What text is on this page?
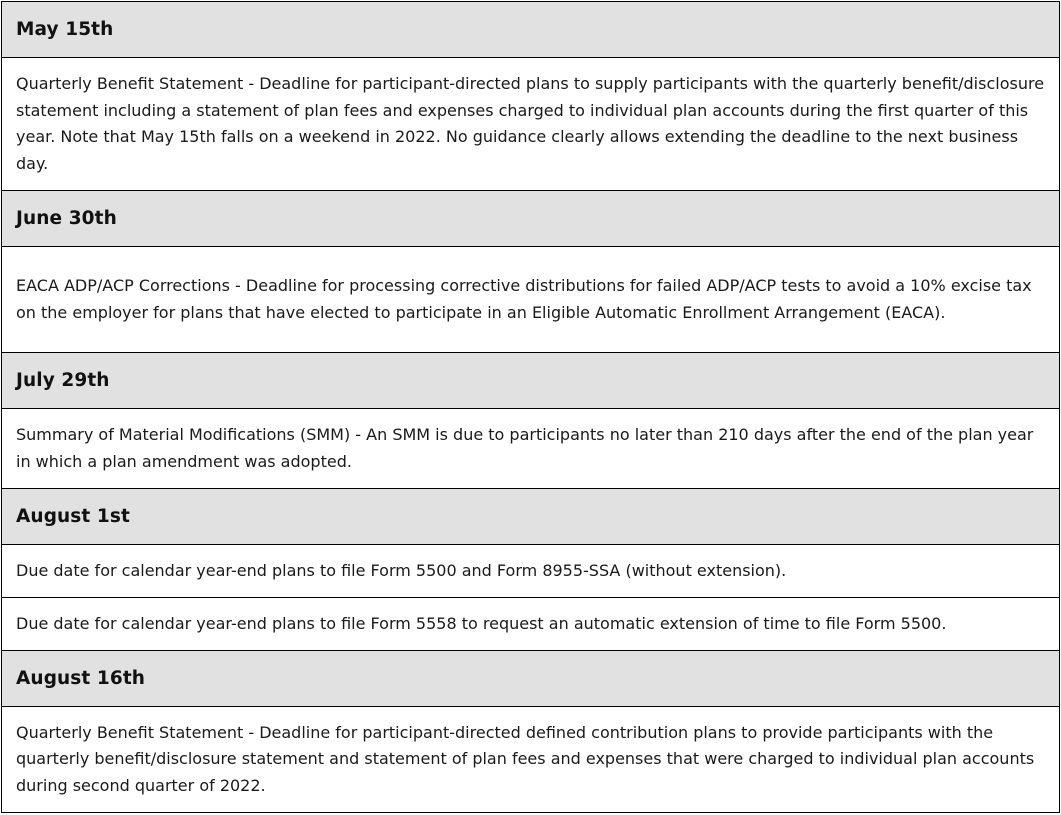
May 15th
Quarterly Benefit Statement - Deadline for participant-directed plans to supply participants with the quarterly benefit/disclosure statement including a statement of plan fees and expenses charged to individual plan accounts during the first quarter of this year. Note that May 15th falls on a weekend in 2022. No guidance clearly allows extending the deadline to the next business day.
June 30th
EACA ADP/ACP Corrections - Deadline for processing corrective distributions for failed ADP/ACP tests to avoid a 10% excise tax on the employer for plans that have elected to participate in an Eligible Automatic Enrollment Arrangement (EACA).
July 29th
Summary of Material Modifications (SMM) - An SMM is due to participants no later than 210 days after the end of the plan year in which a plan amendment was adopted.
August 1st
Due date for calendar year-end plans to file Form 5500 and Form 8955-SSA (without extension).
Due date for calendar year-end plans to file Form 5558 to request an automatic extension of time to file Form 5500.
August 16th
Quarterly Benefit Statement - Deadline for participant-directed defined contribution plans to provide participants with the quarterly benefit/disclosure statement and statement of plan fees and expenses that were charged to individual plan accounts during second quarter of 2022.
